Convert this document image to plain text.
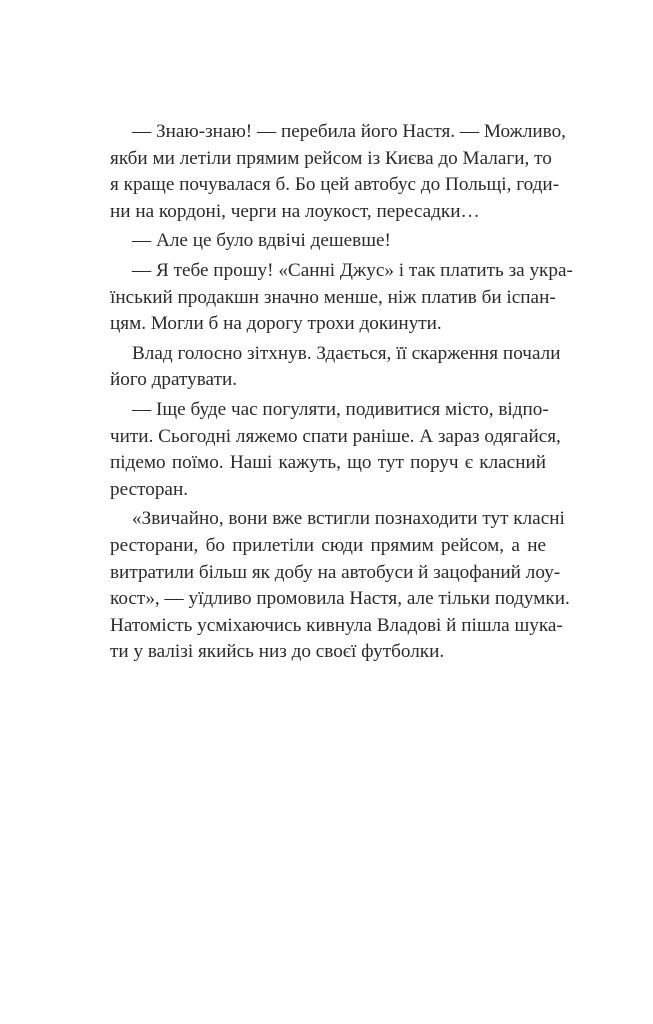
— Знаю-знаю! — перебила його Настя. — Можливо,
якби ми летіли прямим рейсом із Києва до Малаги, то
я краще почувалася б. Бо цей автобус до Польщі, годи-
ни на кордоні, черги на лоукост, пересадки…
— Але це було вдвічі дешевше!
— Я тебе прошу! «Санні Джус» і так платить за укра-
їнський продакшн значно менше, ніж платив би іспан-
цям. Могли б на дорогу трохи докинути.
Влад голосно зітхнув. Здається, її скарження почали
його дратувати.
— Іще буде час погуляти, подивитися місто, відпо-
чити. Сьогодні ляжемо спати раніше. А зараз одягайся,
підемо поїмо. Наші кажуть, що тут поруч є класний
ресторан.
«Звичайно, вони вже встигли познаходити тут класні
ресторани, бо прилетіли сюди прямим рейсом, а не
витратили більш як добу на автобуси й зацофаний лоу-
кост», — уїдливо промовила Настя, але тільки подумки.
Натомість усміхаючись кивнула Владові й пішла шука-
ти у валізі якийсь низ до своєї футболки.
